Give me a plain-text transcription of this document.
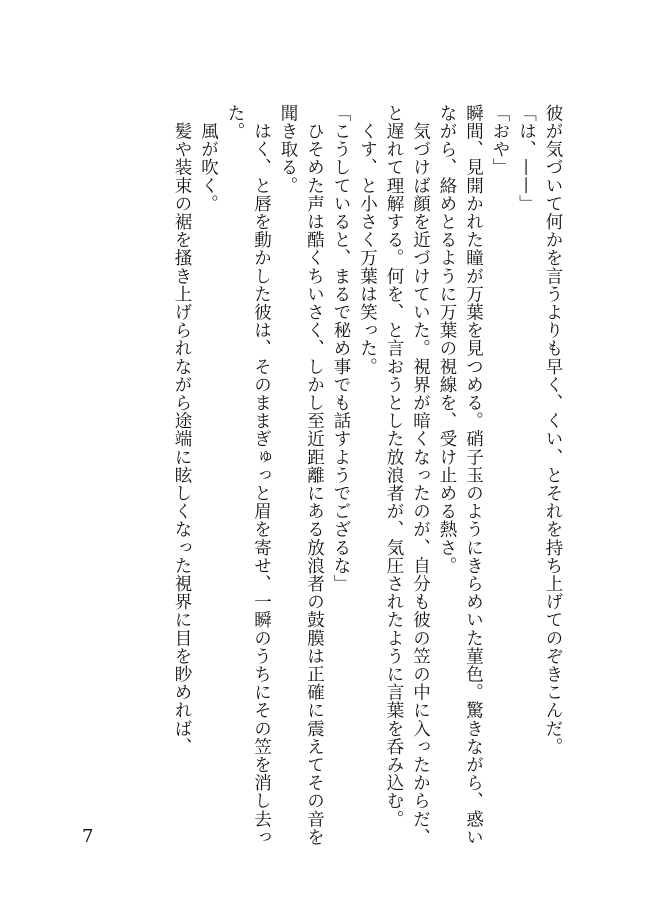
彼が気づいて何かを言うよりも早く、くい、とそれを持ち上げてのぞきこんだ。

「は、——」

「おや」

瞬間、見開かれた瞳が万葉を見つめる。硝子玉のようにきらめいた菫色。驚きながら、惑いながら、絡めとるように万葉の視線を、受け止める熱さ。

　気づけば顔を近づけていた。視界が暗くなったのが、自分も彼の笠の中に入ったからだ、と遅れて理解する。何を、と言おうとした放浪者が、気圧されたように言葉を呑み込む。

　くす、と小さく万葉は笑った。

「こうしていると、まるで秘め事でも話すようでござるな」

　ひそめた声は酷くちいさく、しかし至近距離にある放浪者の鼓膜は正確に震えてその音を聞き取る。

　はく、と唇を動かした彼は、そのままぎゅっと眉を寄せ、一瞬のうちにその笠を消し去った。

　風が吹く。

　髪や装束の裾を搔き上げられながら途端に眩しくなった視界に目を眇めれば、

7
